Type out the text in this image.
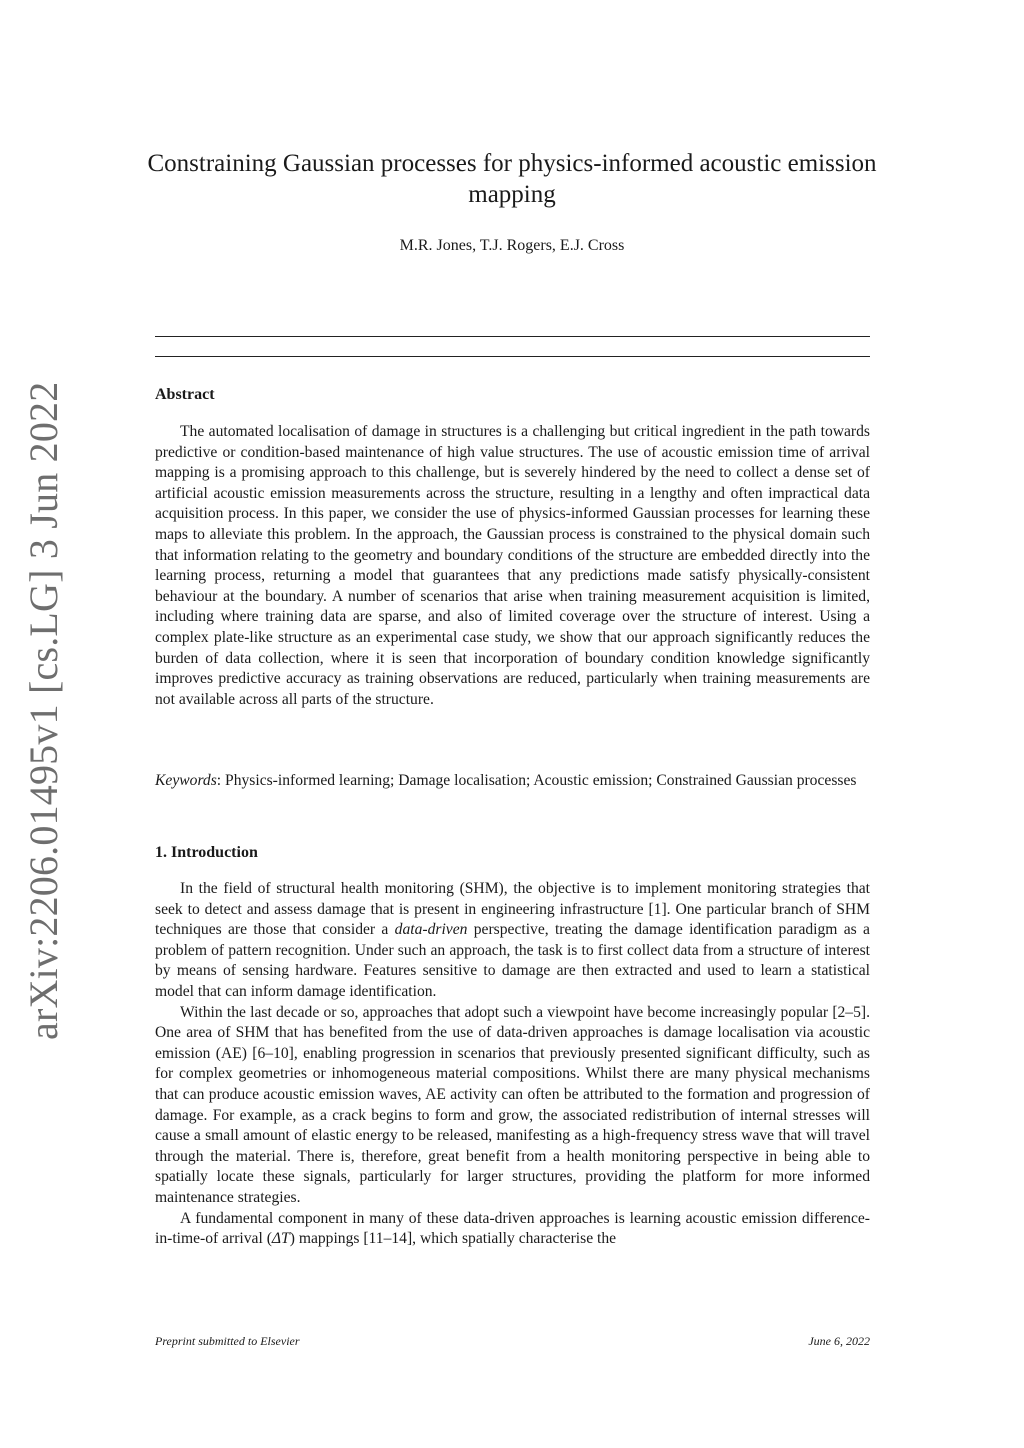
arXiv:2206.01495v1 [cs.LG] 3 Jun 2022
Constraining Gaussian processes for physics-informed acoustic emission mapping
M.R. Jones, T.J. Rogers, E.J. Cross
Abstract

The automated localisation of damage in structures is a challenging but critical ingredient in the path towards predictive or condition-based maintenance of high value structures. The use of acoustic emission time of arrival mapping is a promising approach to this challenge, but is severely hindered by the need to collect a dense set of artificial acoustic emission measurements across the structure, resulting in a lengthy and often impractical data acquisition process. In this paper, we consider the use of physics-informed Gaussian processes for learning these maps to alleviate this problem. In the approach, the Gaussian process is constrained to the physical domain such that information relating to the geometry and boundary conditions of the structure are embedded directly into the learning process, returning a model that guarantees that any predictions made satisfy physically-consistent behaviour at the boundary. A number of scenarios that arise when training measurement acquisition is limited, including where training data are sparse, and also of limited coverage over the structure of interest. Using a complex plate-like structure as an experimental case study, we show that our approach significantly reduces the burden of data collection, where it is seen that incorporation of boundary condition knowledge significantly improves predictive accuracy as training observations are reduced, particularly when training measurements are not available across all parts of the structure.

Keywords: Physics-informed learning; Damage localisation; Acoustic emission; Constrained Gaussian processes
1. Introduction

In the field of structural health monitoring (SHM), the objective is to implement monitoring strategies that seek to detect and assess damage that is present in engineering infrastructure [1]. One particular branch of SHM techniques are those that consider a data-driven perspective, treating the damage identification paradigm as a problem of pattern recognition. Under such an approach, the task is to first collect data from a structure of interest by means of sensing hardware. Features sensitive to damage are then extracted and used to learn a statistical model that can inform damage identification.

Within the last decade or so, approaches that adopt such a viewpoint have become increasingly popular [2–5]. One area of SHM that has benefited from the use of data-driven approaches is damage localisation via acoustic emission (AE) [6–10], enabling progression in scenarios that previously presented significant difficulty, such as for complex geometries or inhomogeneous material compositions. Whilst there are many physical mechanisms that can produce acoustic emission waves, AE activity can often be attributed to the formation and progression of damage. For example, as a crack begins to form and grow, the associated redistribution of internal stresses will cause a small amount of elastic energy to be released, manifesting as a high-frequency stress wave that will travel through the material. There is, therefore, great benefit from a health monitoring perspective in being able to spatially locate these signals, particularly for larger structures, providing the platform for more informed maintenance strategies.

A fundamental component in many of these data-driven approaches is learning acoustic emission difference-in-time-of arrival (ΔT) mappings [11–14], which spatially characterise the

Preprint submitted to Elsevier	June 6, 2022
